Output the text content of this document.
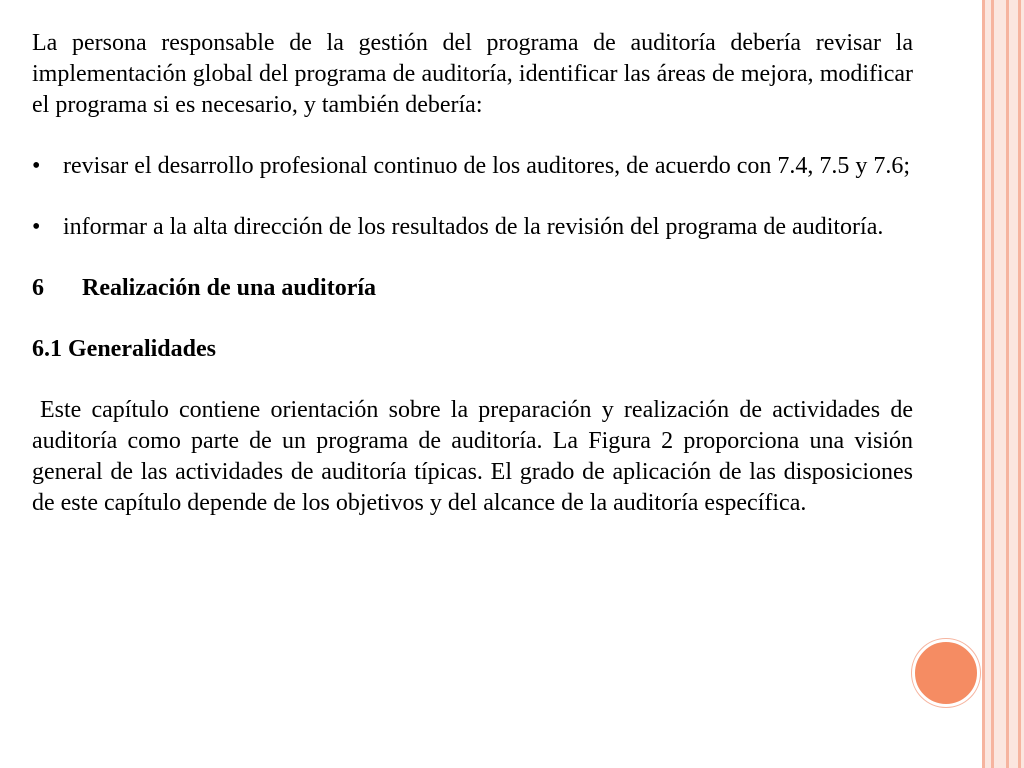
La persona responsable de la gestión del programa de auditoría debería revisar la implementación global del programa de auditoría, identificar las áreas de mejora, modificar el programa si es necesario, y también debería:

• revisar el desarrollo profesional continuo de los auditores, de acuerdo con 7.4, 7.5 y 7.6;
• informar a la alta dirección de los resultados de la revisión del programa de auditoría.

6 Realización de una auditoría

6.1 Generalidades

Este capítulo contiene orientación sobre la preparación y realización de actividades de auditoría como parte de un programa de auditoría. La Figura 2 proporciona una visión general de las actividades de auditoría típicas. El grado de aplicación de las disposiciones de este capítulo depende de los objetivos y del alcance de la auditoría específica.
